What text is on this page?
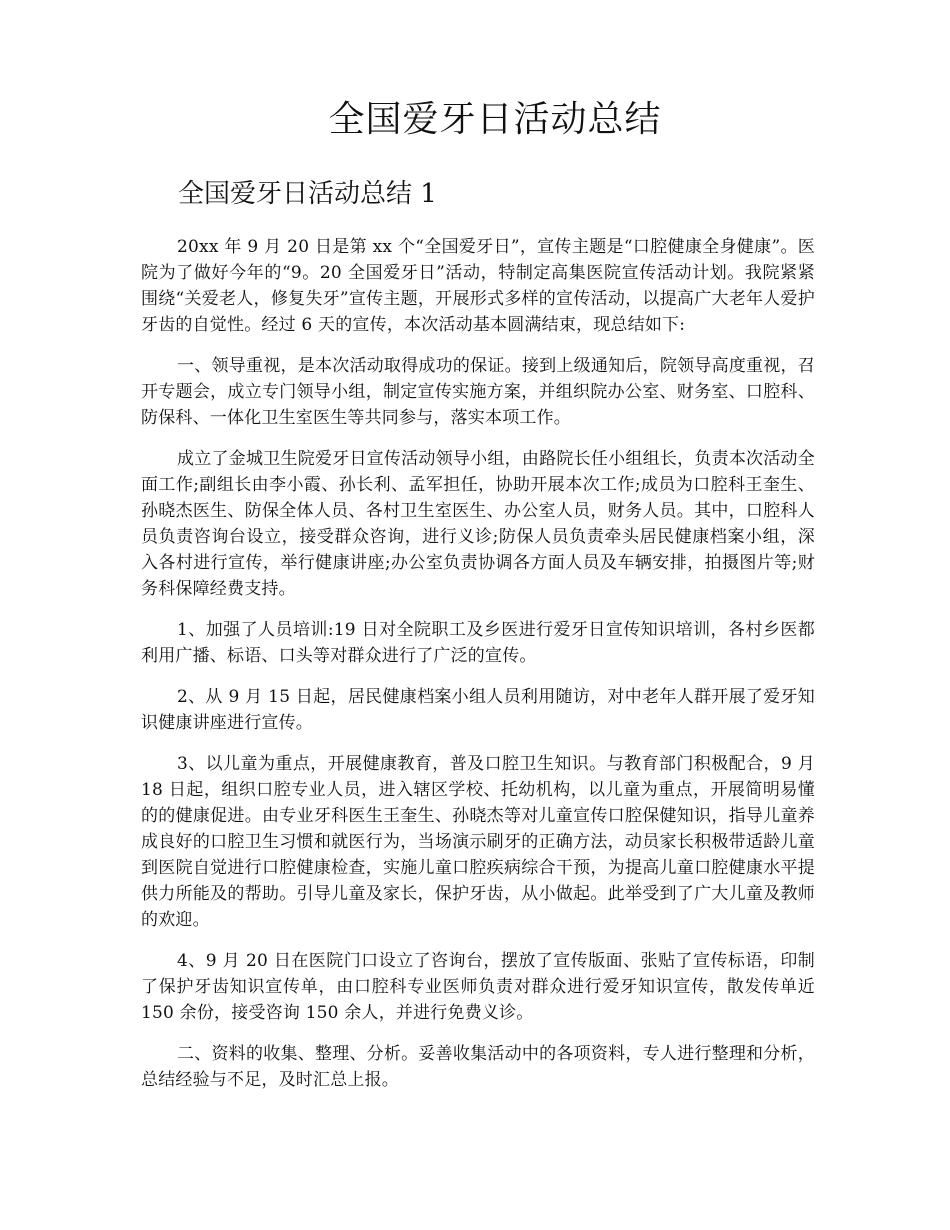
全国爱牙日活动总结
全国爱牙日活动总结 1

20xx 年 9 月 20 日是第 xx 个“全国爱牙日”，宣传主题是“口腔健康全身健康”。医院为了做好今年的“9。20 全国爱牙日”活动，特制定高集医院宣传活动计划。我院紧紧围绕“关爱老人，修复失牙”宣传主题，开展形式多样的宣传活动，以提高广大老年人爱护牙齿的自觉性。经过 6 天的宣传，本次活动基本圆满结束，现总结如下:

一、领导重视，是本次活动取得成功的保证。接到上级通知后，院领导高度重视，召开专题会，成立专门领导小组，制定宣传实施方案，并组织院办公室、财务室、口腔科、防保科、一体化卫生室医生等共同参与，落实本项工作。

成立了金城卫生院爱牙日宣传活动领导小组，由路院长任小组组长，负责本次活动全面工作;副组长由李小霞、孙长利、孟军担任，协助开展本次工作;成员为口腔科王奎生、孙晓杰医生、防保全体人员、各村卫生室医生、办公室人员，财务人员。其中，口腔科人员负责咨询台设立，接受群众咨询，进行义诊;防保人员负责牵头居民健康档案小组，深入各村进行宣传，举行健康讲座;办公室负责协调各方面人员及车辆安排，拍摄图片等;财务科保障经费支持。

1、加强了人员培训:19 日对全院职工及乡医进行爱牙日宣传知识培训，各村乡医都利用广播、标语、口头等对群众进行了广泛的宣传。

2、从 9 月 15 日起，居民健康档案小组人员利用随访，对中老年人群开展了爱牙知识健康讲座进行宣传。

3、以儿童为重点，开展健康教育，普及口腔卫生知识。与教育部门积极配合，9 月 18 日起，组织口腔专业人员，进入辖区学校、托幼机构，以儿童为重点，开展简明易懂的的健康促进。由专业牙科医生王奎生、孙晓杰等对儿童宣传口腔保健知识，指导儿童养成良好的口腔卫生习惯和就医行为，当场演示刷牙的正确方法，动员家长积极带适龄儿童到医院自觉进行口腔健康检查，实施儿童口腔疾病综合干预，为提高儿童口腔健康水平提供力所能及的帮助。引导儿童及家长，保护牙齿，从小做起。此举受到了广大儿童及教师的欢迎。

4、9 月 20 日在医院门口设立了咨询台，摆放了宣传版面、张贴了宣传标语，印制了保护牙齿知识宣传单，由口腔科专业医师负责对群众进行爱牙知识宣传，散发传单近 150 余份，接受咨询 150 余人，并进行免费义诊。

二、资料的收集、整理、分析。妥善收集活动中的各项资料，专人进行整理和分析，总结经验与不足，及时汇总上报。
